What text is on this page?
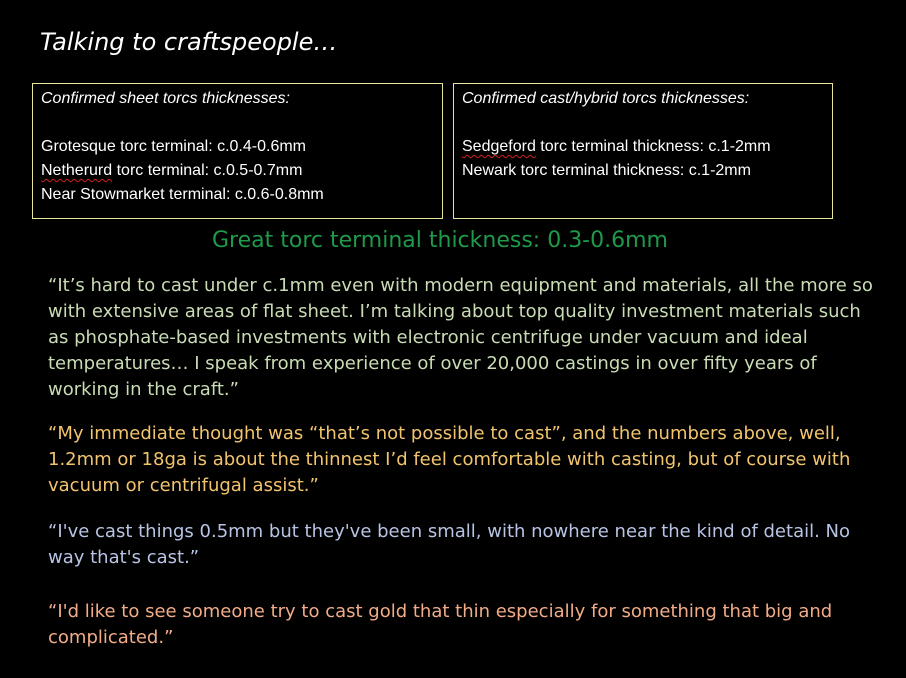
Talking to craftspeople…
Confirmed sheet torcs thicknesses:
Grotesque torc terminal: c.0.4-0.6mm
Netherurd torc terminal: c.0.5-0.7mm
Near Stowmarket terminal: c.0.6-0.8mm
Confirmed cast/hybrid torcs thicknesses:
Sedgeford torc terminal thickness: c.1-2mm
Newark torc terminal thickness: c.1-2mm
Great torc terminal thickness: 0.3-0.6mm

“It’s hard to cast under c.1mm even with modern equipment and materials, all the more so with extensive areas of flat sheet. I’m talking about top quality investment materials such as phosphate-based investments with electronic centrifuge under vacuum and ideal temperatures… I speak from experience of over 20,000 castings in over fifty years of working in the craft.”

“My immediate thought was “that’s not possible to cast”, and the numbers above, well, 1.2mm or 18ga is about the thinnest I’d feel comfortable with casting, but of course with vacuum or centrifugal assist.”

“I've cast things 0.5mm but they've been small, with nowhere near the kind of detail. No way that's cast.”

“I'd like to see someone try to cast gold that thin especially for something that big and complicated.”
